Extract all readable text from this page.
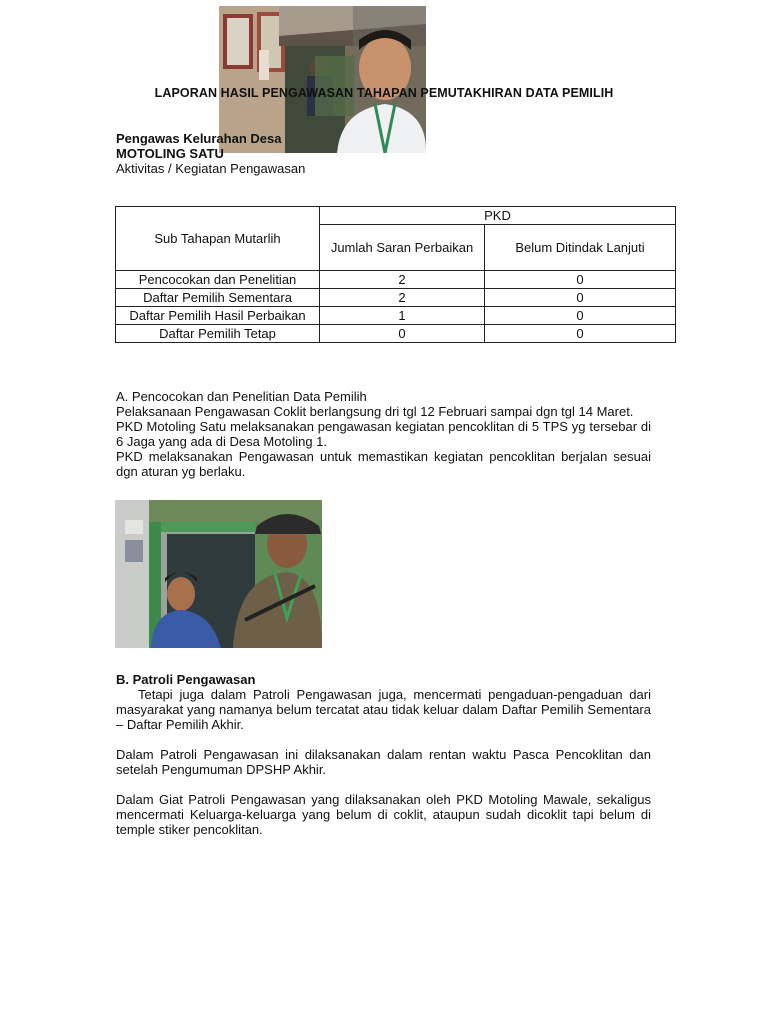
LAPORAN HASIL PENGAWASAN TAHAPAN PEMUTAKHIRAN DATA PEMILIH
Pengawas Kelurahan Desa
MOTOLING SATU
Aktivitas / Kegiatan Pengawasan
Sub Tahapan Mutarlih	PKD	
	Jumlah Saran Perbaikan	Belum Ditindak Lanjuti
Pencocokan dan Penelitian	2	0
Daftar Pemilih Sementara	2	0
Daftar Pemilih Hasil Perbaikan	1	0
Daftar Pemilih Tetap	0	0

A. Pencocokan dan Penelitian Data Pemilih

Pelaksanaan Pengawasan Coklit berlangsung dri tgl 12 Februari sampai dgn tgl 14 Maret.

PKD Motoling Satu melaksanakan pengawasan kegiatan pencoklitan di 5 TPS yg tersebar di 6 Jaga yang ada di Desa Motoling 1.

PKD melaksanakan Pengawasan untuk memastikan kegiatan pencoklitan berjalan sesuai dgn aturan yg berlaku.

B. Patroli Pengawasan

Tetapi juga dalam Patroli Pengawasan juga, mencermati pengaduan-pengaduan dari masyarakat yang namanya belum tercatat atau tidak keluar dalam Daftar Pemilih Sementara – Daftar Pemilih Akhir.

Dalam Patroli Pengawasan ini dilaksanakan dalam rentan waktu Pasca Pencoklitan dan setelah Pengumuman DPSHP Akhir.

Dalam Giat Patroli Pengawasan yang dilaksanakan oleh PKD Motoling Mawale, sekaligus mencermati Keluarga-keluarga yang belum di coklit, ataupun sudah dicoklit tapi belum di temple stiker pencoklitan.
